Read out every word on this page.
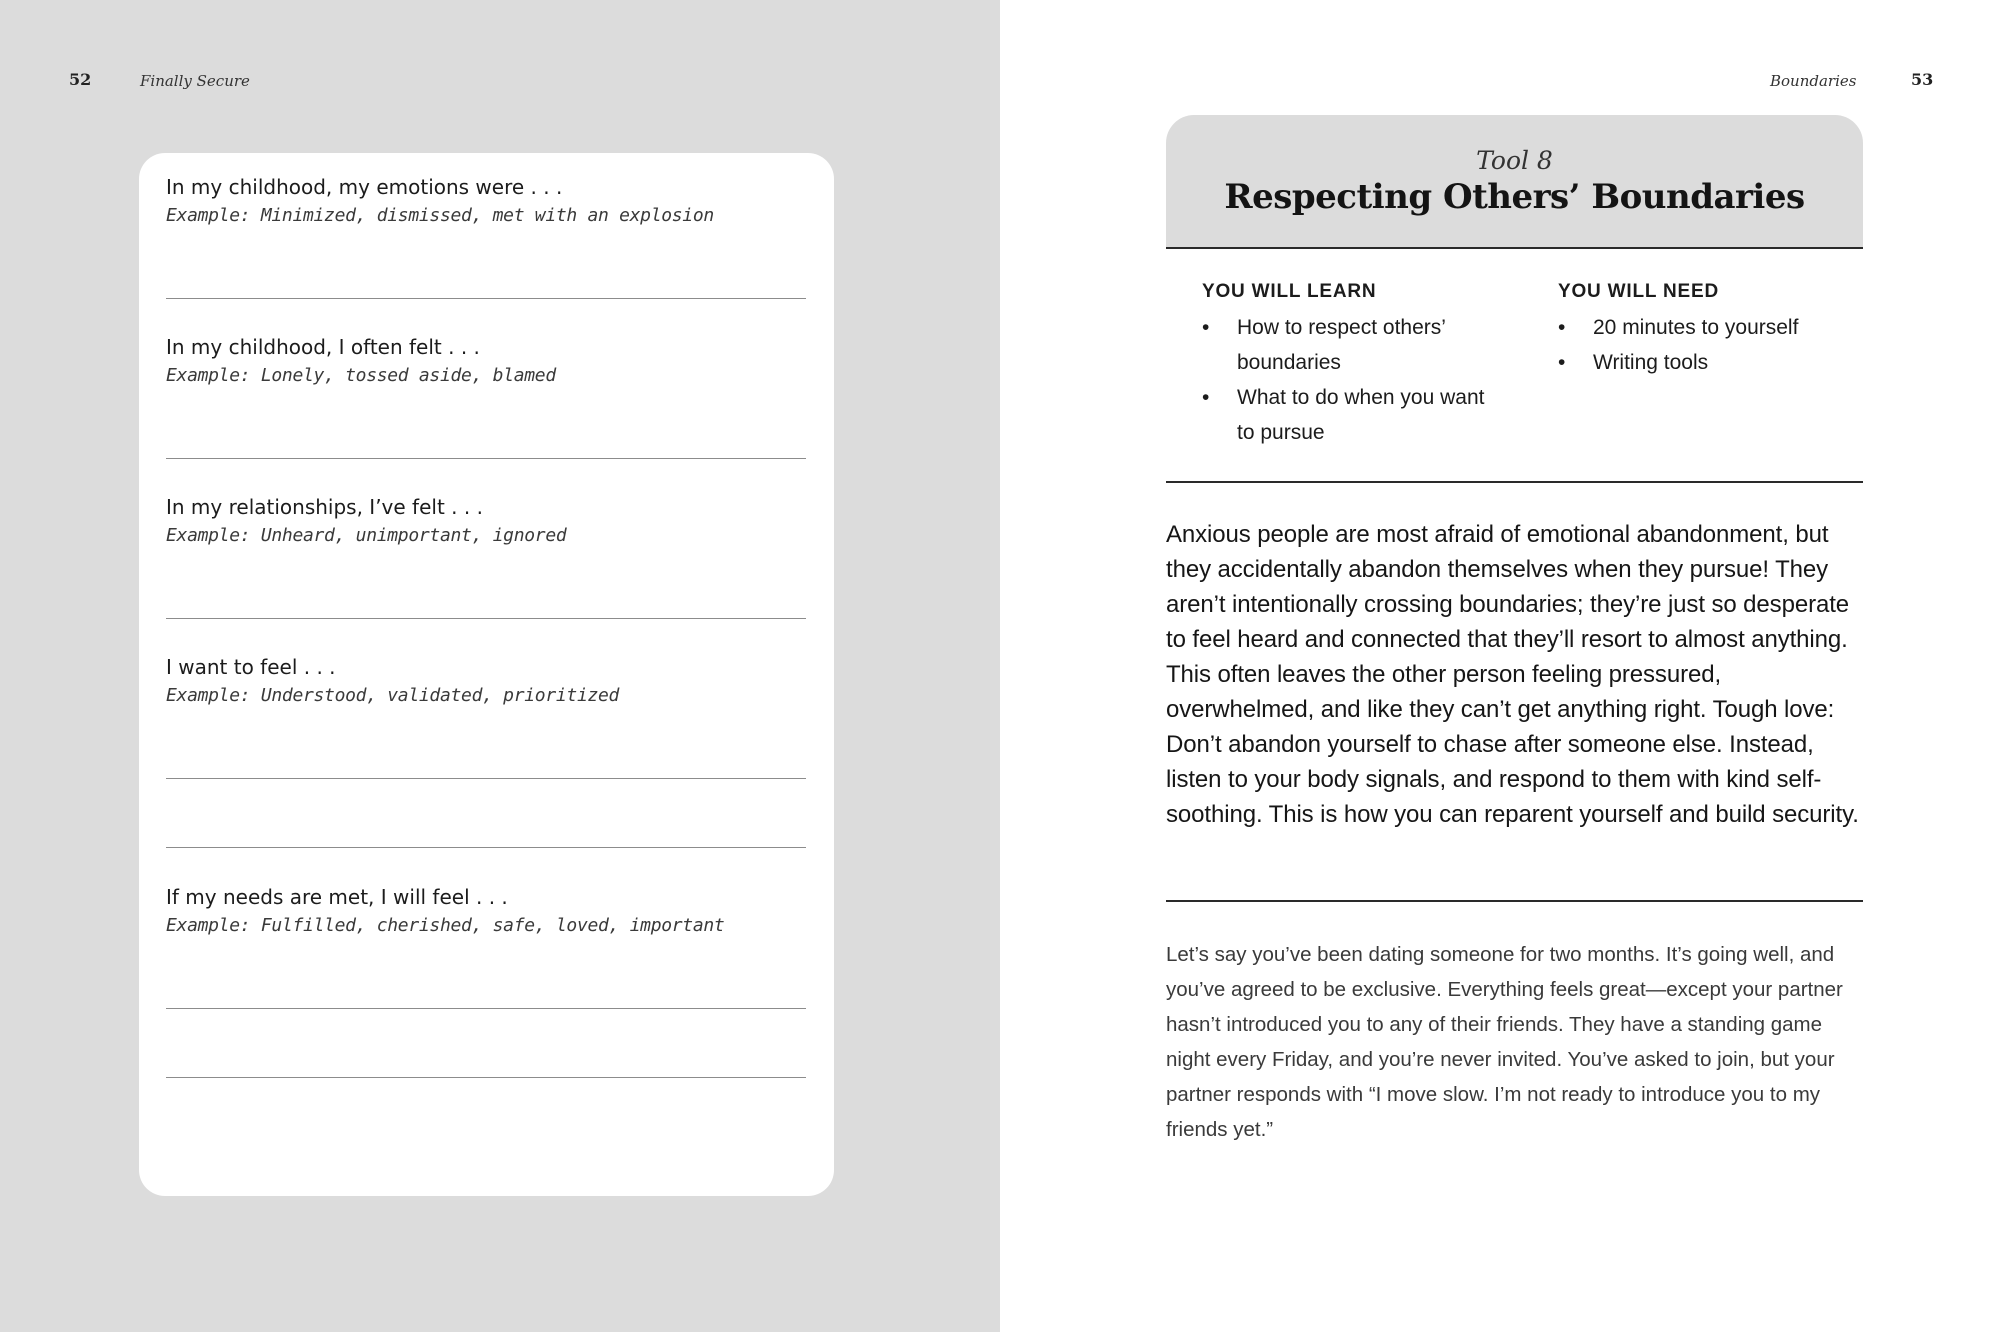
52	Finally Secure

In my childhood, my emotions were . . .

Example: Minimized, dismissed, met with an explosion

In my childhood, I often felt . . .

Example: Lonely, tossed aside, blamed

In my relationships, I’ve felt . . .

Example: Unheard, unimportant, ignored

I want to feel . . .

Example: Understood, validated, prioritized

If my needs are met, I will feel . . .

Example: Fulfilled, cherished, safe, loved, important

Boundaries	53
Tool 8
Respecting Others’ Boundaries
YOU WILL LEARN
• How to respect others’ boundaries
• What to do when you want to pursue
YOU WILL NEED
• 20 minutes to yourself
• Writing tools

Anxious people are most afraid of emotional abandonment, but they accidentally abandon themselves when they pursue! They aren’t intentionally crossing boundaries; they’re just so desperate to feel heard and connected that they’ll resort to almost anything. This often leaves the other person feeling pressured, overwhelmed, and like they can’t get anything right. Tough love: Don’t abandon yourself to chase after someone else. Instead, listen to your body signals, and respond to them with kind self-soothing. This is how you can reparent yourself and build security.

Let’s say you’ve been dating someone for two months. It’s going well, and you’ve agreed to be exclusive. Everything feels great—except your partner hasn’t introduced you to any of their friends. They have a standing game night every Friday, and you’re never invited. You’ve asked to join, but your partner responds with “I move slow. I’m not ready to introduce you to my friends yet.”
